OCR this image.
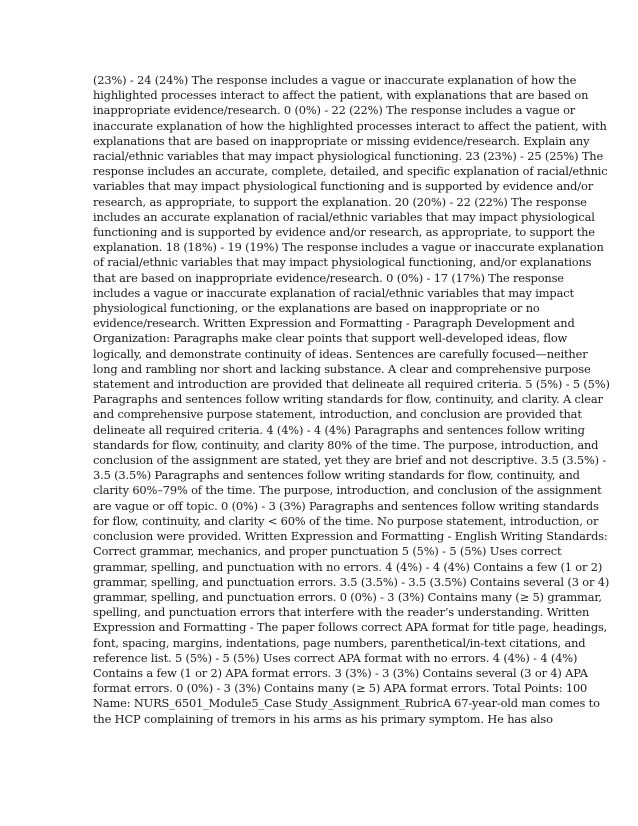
(23%) - 24 (24%) The response includes a vague or inaccurate explanation of how the
highlighted processes interact to affect the patient, with explanations that are based on
inappropriate evidence/research. 0 (0%) - 22 (22%) The response includes a vague or
inaccurate explanation of how the highlighted processes interact to affect the patient, with
explanations that are based on inappropriate or missing evidence/research. Explain any
racial/ethnic variables that may impact physiological functioning. 23 (23%) - 25 (25%) The
response includes an accurate, complete, detailed, and specific explanation of racial/ethnic
variables that may impact physiological functioning and is supported by evidence and/or
research, as appropriate, to support the explanation. 20 (20%) - 22 (22%) The response
includes an accurate explanation of racial/ethnic variables that may impact physiological
functioning and is supported by evidence and/or research, as appropriate, to support the
explanation. 18 (18%) - 19 (19%) The response includes a vague or inaccurate explanation
of racial/ethnic variables that may impact physiological functioning, and/or explanations
that are based on inappropriate evidence/research. 0 (0%) - 17 (17%) The response
includes a vague or inaccurate explanation of racial/ethnic variables that may impact
physiological functioning, or the explanations are based on inappropriate or no
evidence/research. Written Expression and Formatting - Paragraph Development and
Organization: Paragraphs make clear points that support well-developed ideas, flow
logically, and demonstrate continuity of ideas. Sentences are carefully focused—neither
long and rambling nor short and lacking substance. A clear and comprehensive purpose
statement and introduction are provided that delineate all required criteria. 5 (5%) - 5 (5%)
Paragraphs and sentences follow writing standards for flow, continuity, and clarity. A clear
and comprehensive purpose statement, introduction, and conclusion are provided that
delineate all required criteria. 4 (4%) - 4 (4%) Paragraphs and sentences follow writing
standards for flow, continuity, and clarity 80% of the time. The purpose, introduction, and
conclusion of the assignment are stated, yet they are brief and not descriptive. 3.5 (3.5%) -
3.5 (3.5%) Paragraphs and sentences follow writing standards for flow, continuity, and
clarity 60%–79% of the time. The purpose, introduction, and conclusion of the assignment
are vague or off topic. 0 (0%) - 3 (3%) Paragraphs and sentences follow writing standards
for flow, continuity, and clarity < 60% of the time. No purpose statement, introduction, or
conclusion were provided. Written Expression and Formatting - English Writing Standards:
Correct grammar, mechanics, and proper punctuation 5 (5%) - 5 (5%) Uses correct
grammar, spelling, and punctuation with no errors. 4 (4%) - 4 (4%) Contains a few (1 or 2)
grammar, spelling, and punctuation errors. 3.5 (3.5%) - 3.5 (3.5%) Contains several (3 or 4)
grammar, spelling, and punctuation errors. 0 (0%) - 3 (3%) Contains many (≥ 5) grammar,
spelling, and punctuation errors that interfere with the reader’s understanding. Written
Expression and Formatting - The paper follows correct APA format for title page, headings,
font, spacing, margins, indentations, page numbers, parenthetical/in-text citations, and
reference list. 5 (5%) - 5 (5%) Uses correct APA format with no errors. 4 (4%) - 4 (4%)
Contains a few (1 or 2) APA format errors. 3 (3%) - 3 (3%) Contains several (3 or 4) APA
format errors. 0 (0%) - 3 (3%) Contains many (≥ 5) APA format errors. Total Points: 100
Name: NURS_6501_Module5_Case Study_Assignment_RubricA 67-year-old man comes to
the HCP complaining of tremors in his arms as his primary symptom. He has also
